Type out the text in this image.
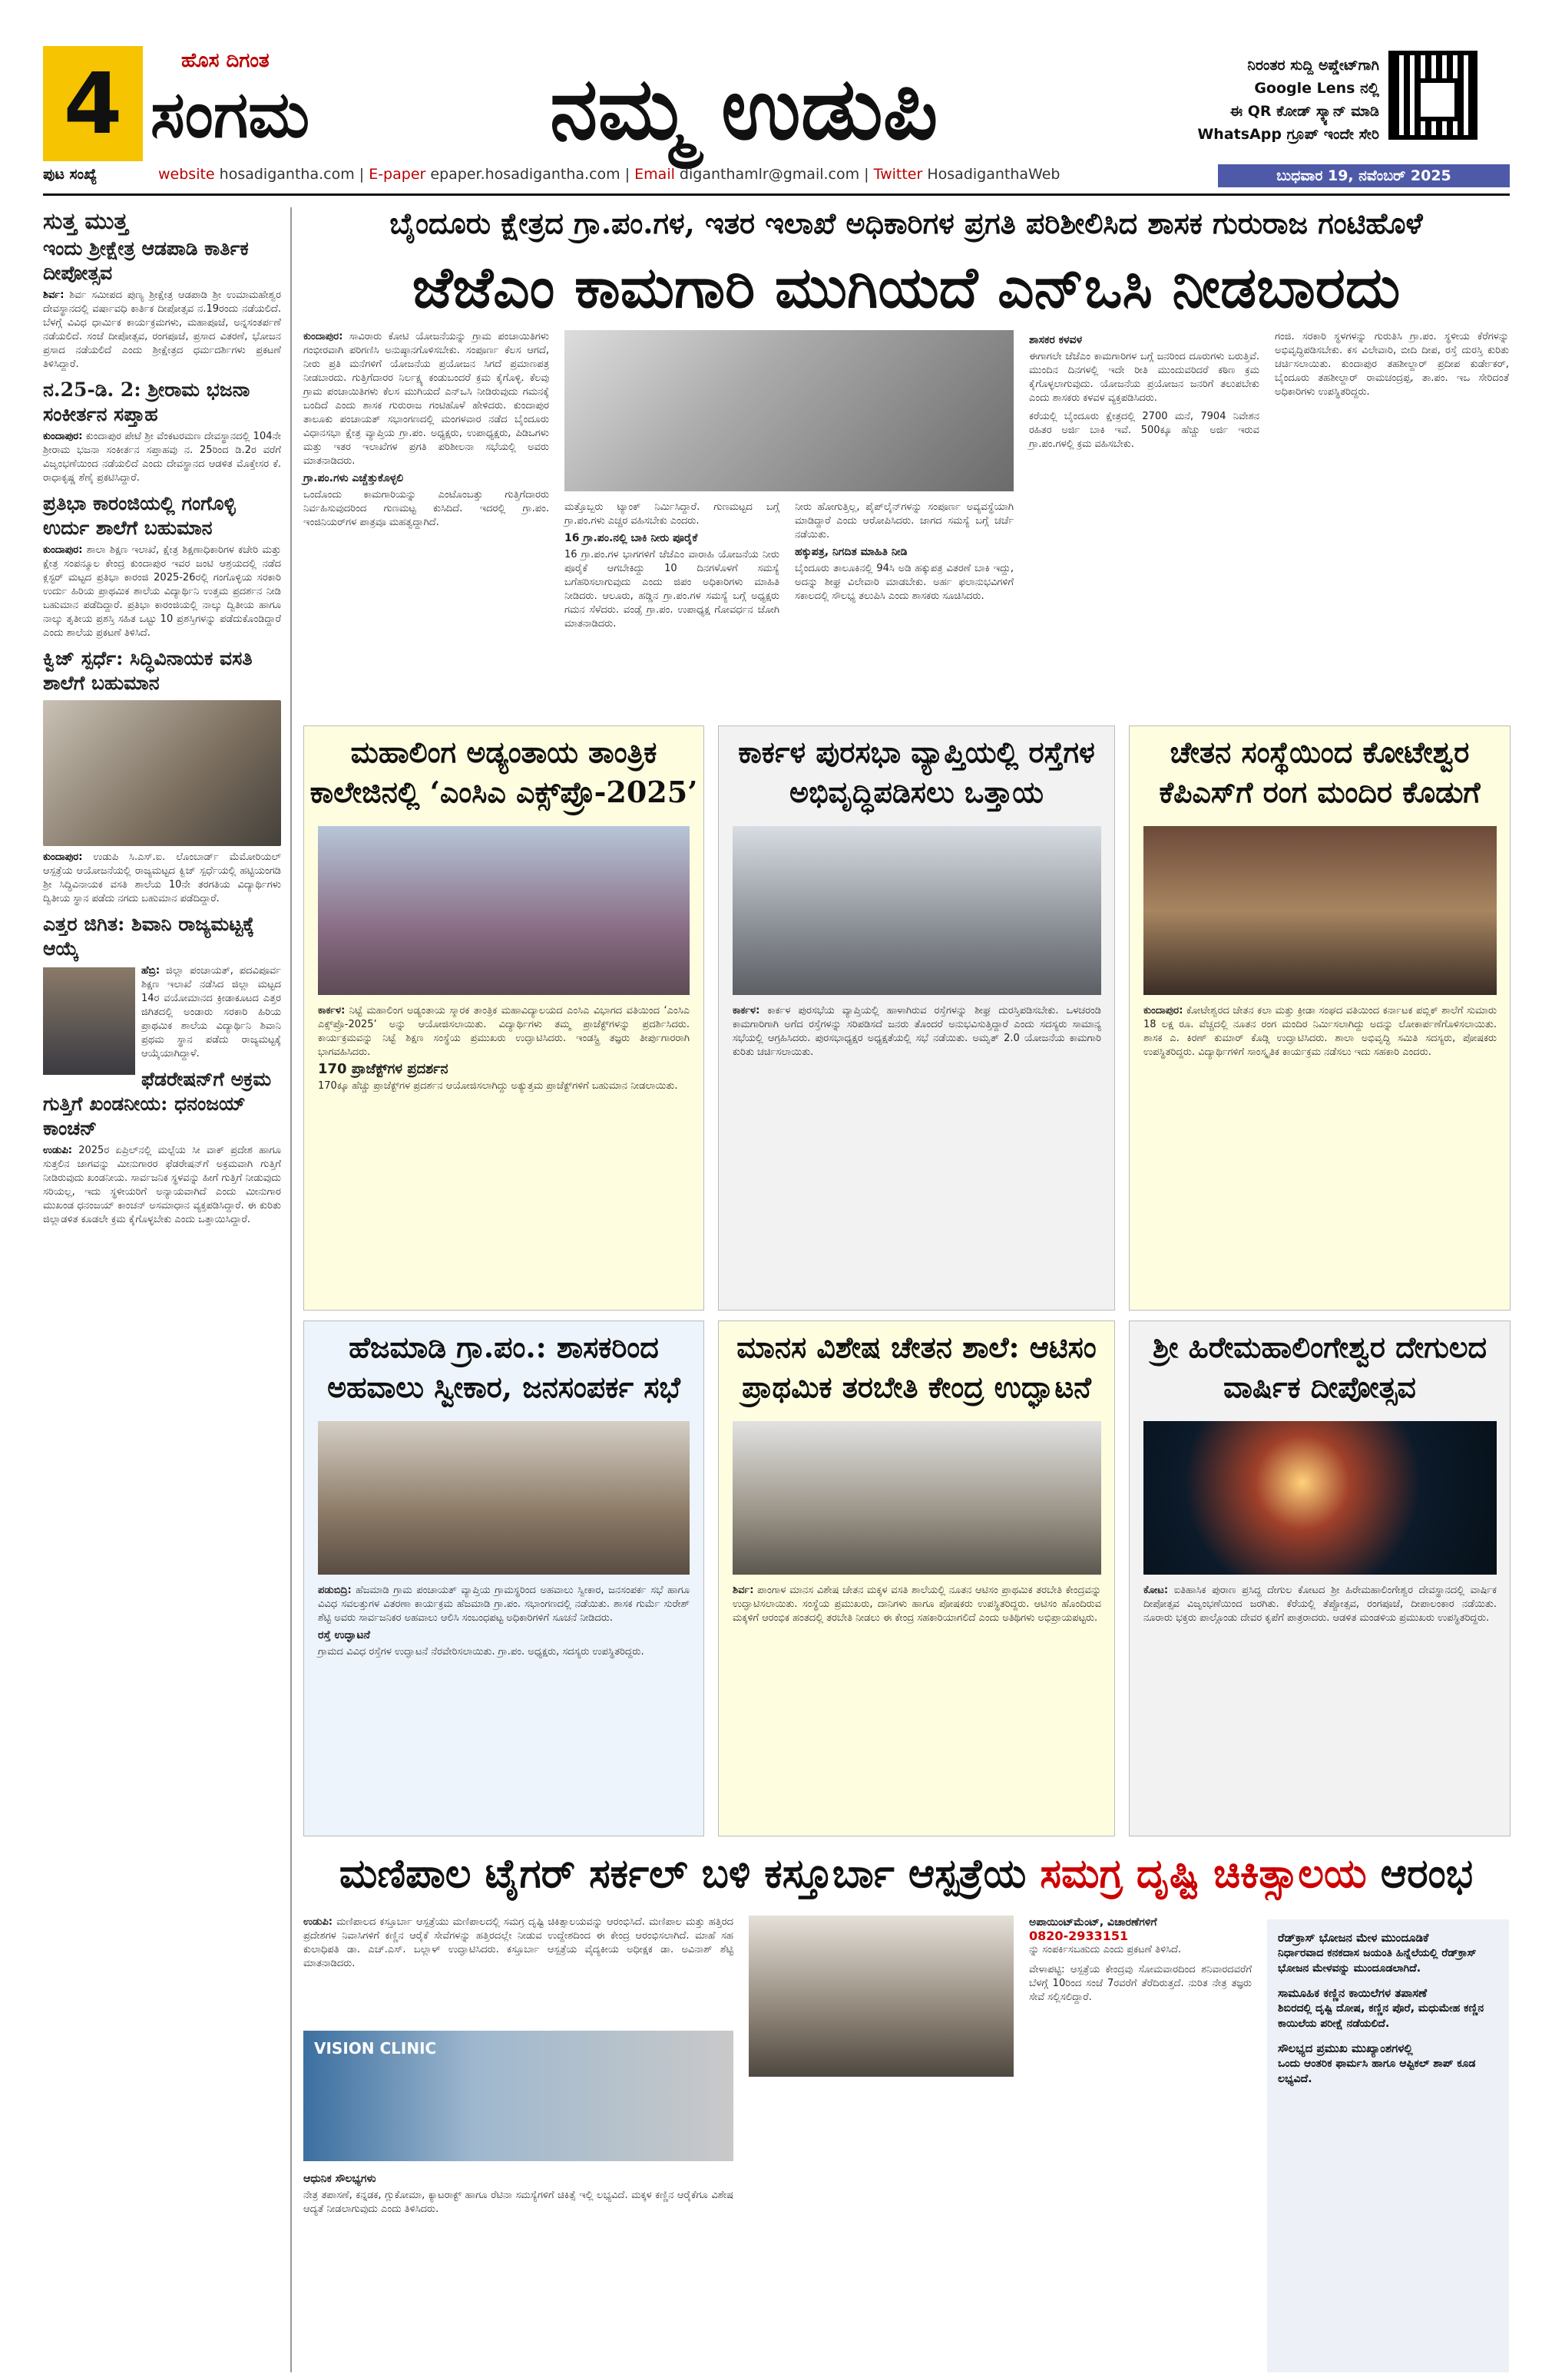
4	ಹೊಸ ದಿಗಂತ
ಸಂಗಮ	ನಮ್ಮ ಉಡುಪಿ	ನಿರಂತರ ಸುದ್ದಿ ಅಪ್ಡೇಟ್‌ಗಾಗಿ
Google Lens ನಲ್ಲಿ
ಈ QR ಕೋಡ್ ಸ್ಕ್ಯಾನ್ ಮಾಡಿ
WhatsApp ಗ್ರೂಪ್ ಇಂದೇ ಸೇರಿ
ಪುಟ ಸಂಖ್ಯೆ	website hosadigantha.com | E-paper epaper.hosadigantha.com | Email diganthamlr@gmail.com | Twitter HosadiganthaWeb	ಬುಧವಾರ 19, ನವೆಂಬರ್ 2025
ಸುತ್ತ ಮುತ್ತ
ಇಂದು ಶ್ರೀಕ್ಷೇತ್ರ ಆಡಪಾಡಿ ಕಾರ್ತಿಕ ದೀಪೋತ್ಸವ

ಶಿರ್ವ: ಶಿರ್ವ ಸಮೀಪದ ಪುಣ್ಯ ಶ್ರೀಕ್ಷೇತ್ರ ಆಡಪಾಡಿ ಶ್ರೀ ಉಮಾಮಹೇಶ್ವರ ದೇವಸ್ಥಾನದಲ್ಲಿ ವರ್ಷಾವಧಿ ಕಾರ್ತಿಕ ದೀಪೋತ್ಸವ ನ.19ರಂದು ನಡೆಯಲಿದೆ. ಬೆಳಗ್ಗೆ ವಿವಿಧ ಧಾರ್ಮಿಕ ಕಾರ್ಯಕ್ರಮಗಳು, ಮಹಾಪೂಜೆ, ಅನ್ನಸಂತರ್ಪಣೆ ನಡೆಯಲಿದೆ. ಸಂಜೆ ದೀಪೋತ್ಸವ, ರಂಗಪೂಜೆ, ಪ್ರಸಾದ ವಿತರಣೆ, ಭೋಜನ ಪ್ರಸಾದ ನಡೆಯಲಿದೆ ಎಂದು ಶ್ರೀಕ್ಷೇತ್ರದ ಧರ್ಮದರ್ಶಿಗಳು ಪ್ರಕಟಣೆ ತಿಳಿಸಿದ್ದಾರೆ.

ನ.25-ಡಿ. 2: ಶ್ರೀರಾಮ ಭಜನಾ ಸಂಕೀರ್ತನ ಸಪ್ತಾಹ

ಕುಂದಾಪುರ: ಕುಂದಾಪುರ ಪೇಟೆ ಶ್ರೀ ವೆಂಕಟರಮಣ ದೇವಸ್ಥಾನದಲ್ಲಿ 104ನೇ ಶ್ರೀರಾಮ ಭಜನಾ ಸಂಕೀರ್ತನ ಸಪ್ತಾಹವು ನ. 25ರಿಂದ ಡಿ.2ರ ವರೆಗೆ ವಿಜೃಂಭಣೆಯಿಂದ ನಡೆಯಲಿದೆ ಎಂದು ದೇವಸ್ಥಾನದ ಆಡಳಿತ ಮೊಕ್ತೇಸರ ಕೆ. ರಾಧಾಕೃಷ್ಣ ಶೆಣೈ ಪ್ರಕಟಿಸಿದ್ದಾರೆ.

ಪ್ರತಿಭಾ ಕಾರಂಜಿಯಲ್ಲಿ ಗಂಗೊಳ್ಳಿ ಉರ್ದು ಶಾಲೆಗೆ ಬಹುಮಾನ

ಕುಂದಾಪುರ: ಶಾಲಾ ಶಿಕ್ಷಣ ಇಲಾಖೆ, ಕ್ಷೇತ್ರ ಶಿಕ್ಷಣಾಧಿಕಾರಿಗಳ ಕಚೇರಿ ಮತ್ತು ಕ್ಷೇತ್ರ ಸಂಪನ್ಮೂಲ ಕೇಂದ್ರ ಕುಂದಾಪುರ ಇವರ ಜಂಟಿ ಆಶ್ರಯದಲ್ಲಿ ನಡೆದ ಕ್ಲಸ್ಟರ್ ಮಟ್ಟದ ಪ್ರತಿಭಾ ಕಾರಂಜಿ 2025-26ರಲ್ಲಿ ಗಂಗೊಳ್ಳಿಯ ಸರಕಾರಿ ಉರ್ದು ಹಿರಿಯ ಪ್ರಾಥಮಿಕ ಶಾಲೆಯ ವಿದ್ಯಾರ್ಥಿನಿ ಉತ್ತಮ ಪ್ರದರ್ಶನ ನೀಡಿ ಬಹುಮಾನ ಪಡೆದಿದ್ದಾರೆ. ಪ್ರತಿಭಾ ಕಾರಂಜಿಯಲ್ಲಿ ನಾಲ್ಕು ದ್ವಿತೀಯ ಹಾಗೂ ನಾಲ್ಕು ತೃತೀಯ ಪ್ರಶಸ್ತಿ ಸಹಿತ ಒಟ್ಟು 10 ಪ್ರಶಸ್ತಿಗಳನ್ನು ಪಡೆದುಕೊಂಡಿದ್ದಾರೆ ಎಂದು ಶಾಲೆಯ ಪ್ರಕಟಣೆ ತಿಳಿಸಿದೆ.

ಕ್ವಿಜ್ ಸ್ಪರ್ಧೆ: ಸಿದ್ಧಿವಿನಾಯಕ ವಸತಿ ಶಾಲೆಗೆ ಬಹುಮಾನ

ಕುಂದಾಪುರ: ಉಡುಪಿ ಸಿ.ಎಸ್.ಐ. ಲೊಂಬಾರ್ಡ್ ಮೆಮೋರಿಯಲ್ ಆಸ್ಪತ್ರೆಯ ಆಯೋಜನೆಯಲ್ಲಿ ರಾಜ್ಯಮಟ್ಟದ ಕ್ವಿಜ್ ಸ್ಪರ್ಧೆಯಲ್ಲಿ ಹಟ್ಟಿಯಂಗಡಿ ಶ್ರೀ ಸಿದ್ಧಿವಿನಾಯಕ ವಸತಿ ಶಾಲೆಯ 10ನೇ ತರಗತಿಯ ವಿದ್ಯಾರ್ಥಿಗಳು ದ್ವಿತೀಯ ಸ್ಥಾನ ಪಡೆದು ನಗದು ಬಹುಮಾನ ಪಡೆದಿದ್ದಾರೆ.

ಎತ್ತರ ಜಿಗಿತ: ಶಿವಾನಿ ರಾಜ್ಯಮಟ್ಟಕ್ಕೆ ಆಯ್ಕೆ

ಹೆಬ್ರಿ: ಜಿಲ್ಲಾ ಪಂಚಾಯತ್, ಪದವಿಪೂರ್ವ ಶಿಕ್ಷಣ ಇಲಾಖೆ ನಡೆಸಿದ ಜಿಲ್ಲಾ ಮಟ್ಟದ 14ರ ವಯೋಮಾನದ ಕ್ರೀಡಾಕೂಟದ ಎತ್ತರ ಜಿಗಿತದಲ್ಲಿ ಅಂಡಾರು ಸರಕಾರಿ ಹಿರಿಯ ಪ್ರಾಥಮಿಕ ಶಾಲೆಯ ವಿದ್ಯಾರ್ಥಿನಿ ಶಿವಾನಿ ಪ್ರಥಮ ಸ್ಥಾನ ಪಡೆದು ರಾಜ್ಯಮಟ್ಟಕ್ಕೆ ಆಯ್ಕೆಯಾಗಿದ್ದಾಳೆ.

ಫೆಡರೇಷನ್‌ಗೆ ಅಕ್ರಮ ಗುತ್ತಿಗೆ ಖಂಡನೀಯ: ಧನಂಜಯ್ ಕಾಂಚನ್

ಉಡುಪಿ: 2025ರ ಏಪ್ರಿಲ್‌ನಲ್ಲಿ ಮಲ್ಪೆಯ ಸೀ ವಾಕ್ ಪ್ರದೇಶ ಹಾಗೂ ಸುತ್ತಲಿನ ಜಾಗವನ್ನು ಮೀನುಗಾರರ ಫೆಡರೇಷನ್‌ಗೆ ಅಕ್ರಮವಾಗಿ ಗುತ್ತಿಗೆ ನೀಡಿರುವುದು ಖಂಡನೀಯ. ಸಾರ್ವಜನಿಕ ಸ್ಥಳವನ್ನು ಹೀಗೆ ಗುತ್ತಿಗೆ ನೀಡುವುದು ಸರಿಯಲ್ಲ, ಇದು ಸ್ಥಳೀಯರಿಗೆ ಅನ್ಯಾಯವಾಗಿದೆ ಎಂದು ಮೀನುಗಾರ ಮುಖಂಡ ಧನಂಜಯ್ ಕಾಂಚನ್ ಅಸಮಾಧಾನ ವ್ಯಕ್ತಪಡಿಸಿದ್ದಾರೆ. ಈ ಕುರಿತು ಜಿಲ್ಲಾಡಳಿತ ಕೂಡಲೇ ಕ್ರಮ ಕೈಗೊಳ್ಳಬೇಕು ಎಂದು ಒತ್ತಾಯಿಸಿದ್ದಾರೆ.

ಬೈಂದೂರು ಕ್ಷೇತ್ರದ ಗ್ರಾ.ಪಂ.ಗಳ, ಇತರ ಇಲಾಖೆ ಅಧಿಕಾರಿಗಳ ಪ್ರಗತಿ ಪರಿಶೀಲಿಸಿದ ಶಾಸಕ ಗುರುರಾಜ ಗಂಟಿಹೊಳೆ
ಜೆಜೆಎಂ ಕಾಮಗಾರಿ ಮುಗಿಯದೆ ಎನ್‌ಒಸಿ ನೀಡಬಾರದು
ಕುಂದಾಪುರ: ಸಾವಿರಾರು ಕೋಟಿ ಯೋಜನೆಯನ್ನು ಗ್ರಾಮ ಪಂಚಾಯಿತಿಗಳು ಗಂಭೀರವಾಗಿ ಪರಿಗಣಿಸಿ ಅನುಷ್ಠಾನಗೊಳಿಸಬೇಕು. ಸಂಪೂರ್ಣ ಕೆಲಸ ಆಗದೆ, ನೀರು ಪ್ರತಿ ಮನೆಗಳಿಗೆ ಯೋಜನೆಯ ಪ್ರಯೋಜನ ಸಿಗದೆ ಪ್ರಮಾಣಪತ್ರ ನೀಡಬಾರದು. ಗುತ್ತಿಗೆದಾರರ ನಿರ್ಲಕ್ಷ್ಯ ಕಂಡುಬಂದರೆ ಕ್ರಮ ಕೈಗೊಳ್ಳಿ. ಕೆಲವು ಗ್ರಾಮ ಪಂಚಾಯಿತಿಗಳು ಕೆಲಸ ಮುಗಿಯದೆ ಎನ್‌ಒಸಿ ನೀಡಿರುವುದು ಗಮನಕ್ಕೆ ಬಂದಿದೆ ಎಂದು ಶಾಸಕ ಗುರುರಾಜ ಗಂಟಿಹೊಳೆ ಹೇಳಿದರು. ಕುಂದಾಪುರ ತಾಲೂಕು ಪಂಚಾಯತ್ ಸಭಾಂಗಣದಲ್ಲಿ ಮಂಗಳವಾರ ನಡೆದ ಬೈಂದೂರು ವಿಧಾನಸಭಾ ಕ್ಷೇತ್ರ ವ್ಯಾಪ್ತಿಯ ಗ್ರಾ.ಪಂ. ಅಧ್ಯಕ್ಷರು, ಉಪಾಧ್ಯಕ್ಷರು, ಪಿಡಿಒಗಳು ಮತ್ತು ಇತರ ಇಲಾಖೆಗಳ ಪ್ರಗತಿ ಪರಿಶೀಲನಾ ಸಭೆಯಲ್ಲಿ ಅವರು ಮಾತನಾಡಿದರು.
ಗ್ರಾ.ಪಂ.ಗಳು ಎಚ್ಚೆತ್ತುಕೊಳ್ಳಲಿ
ಒಂದೊಂದು ಕಾಮಗಾರಿಯನ್ನು ಎಂಟೊಂಬತ್ತು ಗುತ್ತಿಗೆದಾರರು ನಿರ್ವಹಿಸುವುದರಿಂದ ಗುಣಮಟ್ಟ ಕುಸಿದಿದೆ. ಇದರಲ್ಲಿ ಗ್ರಾ.ಪಂ. ಇಂಜಿನಿಯರ್‌ಗಳ ಪಾತ್ರವೂ ಮಹತ್ವದ್ದಾಗಿದೆ.
ಮತ್ತೊಬ್ಬರು ಟ್ಯಾಂಕ್ ನಿರ್ಮಿಸಿದ್ದಾರೆ. ಗುಣಮಟ್ಟದ ಬಗ್ಗೆ ಗ್ರಾ.ಪಂ.ಗಳು ಎಚ್ಚರ ವಹಿಸಬೇಕು ಎಂದರು.
16 ಗ್ರಾ.ಪಂ.ನಲ್ಲಿ ಬಾಕಿ ನೀರು ಪೂರೈಕೆ
16 ಗ್ರಾ.ಪಂ.ಗಳ ಭಾಗಗಳಿಗೆ ಜೆಜೆಎಂ ವಾರಾಹಿ ಯೋಜನೆಯ ನೀರು ಪೂರೈಕೆ ಆಗಬೇಕಿದ್ದು 10 ದಿನಗಳೊಳಗೆ ಸಮಸ್ಯೆ ಬಗೆಹರಿಸಲಾಗುವುದು ಎಂದು ಜಿಪಂ ಅಧಿಕಾರಿಗಳು ಮಾಹಿತಿ ನೀಡಿದರು. ಆಲೂರು, ಹಡ್ಡಿನ ಗ್ರಾ.ಪಂ.ಗಳ ಸಮಸ್ಯೆ ಬಗ್ಗೆ ಅಧ್ಯಕ್ಷರು ಗಮನ ಸೆಳೆದರು. ವಂಡ್ಸೆ ಗ್ರಾ.ಪಂ. ಉಪಾಧ್ಯಕ್ಷ ಗೋವರ್ಧನ ಜೋಗಿ ಮಾತನಾಡಿದರು.
ನೀರು ಹೋಗುತ್ತಿಲ್ಲ, ಪೈಪ್‌ಲೈನ್‌ಗಳನ್ನು ಸಂಪೂರ್ಣ ಅವ್ಯವಸ್ಥೆಯಾಗಿ ಮಾಡಿದ್ದಾರೆ ಎಂದು ಆರೋಪಿಸಿದರು. ಜಾಗದ ಸಮಸ್ಯೆ ಬಗ್ಗೆ ಚರ್ಚೆ ನಡೆಯಿತು.
ಹಕ್ಕುಪತ್ರ, ನಿಗದಿತ ಮಾಹಿತಿ ನೀಡಿ
ಬೈಂದೂರು ತಾಲೂಕಿನಲ್ಲಿ 94ಸಿ ಅಡಿ ಹಕ್ಕುಪತ್ರ ವಿತರಣೆ ಬಾಕಿ ಇದ್ದು, ಅದನ್ನು ಶೀಘ್ರ ವಿಲೇವಾರಿ ಮಾಡಬೇಕು. ಅರ್ಹ ಫಲಾನುಭವಿಗಳಿಗೆ ಸಕಾಲದಲ್ಲಿ ಸೌಲಭ್ಯ ತಲುಪಿಸಿ ಎಂದು ಶಾಸಕರು ಸೂಚಿಸಿದರು.
ಶಾಸಕರ ಕಳವಳ
ಈಗಾಗಲೇ ಜೆಜೆಎಂ ಕಾಮಗಾರಿಗಳ ಬಗ್ಗೆ ಜನರಿಂದ ದೂರುಗಳು ಬರುತ್ತಿವೆ. ಮುಂದಿನ ದಿನಗಳಲ್ಲಿ ಇದೇ ರೀತಿ ಮುಂದುವರಿದರೆ ಕಠಿಣ ಕ್ರಮ ಕೈಗೊಳ್ಳಲಾಗುವುದು. ಯೋಜನೆಯ ಪ್ರಯೋಜನ ಜನರಿಗೆ ತಲುಪಬೇಕು ಎಂದು ಶಾಸಕರು ಕಳವಳ ವ್ಯಕ್ತಪಡಿಸಿದರು.

ಕರೆಯಲ್ಲಿ ಬೈಂದೂರು ಕ್ಷೇತ್ರದಲ್ಲಿ 2700 ಮನೆ, 7904 ನಿವೇಶನ ರಹಿತರ ಅರ್ಜಿ ಬಾಕಿ ಇವೆ. 500ಕ್ಕೂ ಹೆಚ್ಚು ಅರ್ಜಿ ಇರುವ ಗ್ರಾ.ಪಂ.ಗಳಲ್ಲಿ ಕ್ರಮ ವಹಿಸಬೇಕು.

ಗಂಜಿ. ಸರಕಾರಿ ಸ್ಥಳಗಳನ್ನು ಗುರುತಿಸಿ ಗ್ರಾ.ಪಂ. ಸ್ಥಳೀಯ ಕೆರೆಗಳನ್ನು ಅಭಿವೃದ್ಧಿಪಡಿಸಬೇಕು. ಕಸ ವಿಲೇವಾರಿ, ಬೀದಿ ದೀಪ, ರಸ್ತೆ ದುರಸ್ತಿ ಕುರಿತು ಚರ್ಚಿಸಲಾಯಿತು. ಕುಂದಾಪುರ ತಹಶೀಲ್ದಾರ್ ಪ್ರದೀಪ ಕುರ್ಡೇಕರ್, ಬೈಂದೂರು ತಹಶೀಲ್ದಾರ್ ರಾಮಚಂದ್ರಪ್ಪ, ತಾ.ಪಂ. ಇಒ ಸೇರಿದಂತೆ ಅಧಿಕಾರಿಗಳು ಉಪಸ್ಥಿತರಿದ್ದರು.
ಮಹಾಲಿಂಗ ಅಡ್ಯಂತಾಯ ತಾಂತ್ರಿಕ ಕಾಲೇಜಿನಲ್ಲಿ ‘ಎಂಸಿಎ ಎಕ್ಸ್‌ಪ್ರೊ-2025’
ಕಾರ್ಕಳ: ನಿಟ್ಟೆ ಮಹಾಲಿಂಗ ಅಡ್ಯಂತಾಯ ಸ್ಮಾರಕ ತಾಂತ್ರಿಕ ಮಹಾವಿದ್ಯಾಲಯದ ಎಂಸಿಎ ವಿಭಾಗದ ವತಿಯಿಂದ ‘ಎಂಸಿಎ ಎಕ್ಸ್‌ಪ್ರೊ-2025’ ಅನ್ನು ಆಯೋಜಿಸಲಾಯಿತು. ವಿದ್ಯಾರ್ಥಿಗಳು ತಮ್ಮ ಪ್ರಾಜೆಕ್ಟ್‌ಗಳನ್ನು ಪ್ರದರ್ಶಿಸಿದರು. ಕಾರ್ಯಕ್ರಮವನ್ನು ನಿಟ್ಟೆ ಶಿಕ್ಷಣ ಸಂಸ್ಥೆಯ ಪ್ರಮುಖರು ಉದ್ಘಾಟಿಸಿದರು. ಇಂಡಸ್ಟ್ರಿ ತಜ್ಞರು ತೀರ್ಪುಗಾರರಾಗಿ ಭಾಗವಹಿಸಿದರು.
170 ಪ್ರಾಜೆಕ್ಟ್‌ಗಳ ಪ್ರದರ್ಶನ
170ಕ್ಕೂ ಹೆಚ್ಚು ಪ್ರಾಜೆಕ್ಟ್‌ಗಳ ಪ್ರದರ್ಶನ ಆಯೋಜಿಸಲಾಗಿದ್ದು ಅತ್ಯುತ್ತಮ ಪ್ರಾಜೆಕ್ಟ್‌ಗಳಿಗೆ ಬಹುಮಾನ ನೀಡಲಾಯಿತು.
ಕಾರ್ಕಳ ಪುರಸಭಾ ವ್ಯಾಪ್ತಿಯಲ್ಲಿ ರಸ್ತೆಗಳ ಅಭಿವೃದ್ಧಿಪಡಿಸಲು ಒತ್ತಾಯ
ಕಾರ್ಕಳ: ಕಾರ್ಕಳ ಪುರಸಭೆಯ ವ್ಯಾಪ್ತಿಯಲ್ಲಿ ಹಾಳಾಗಿರುವ ರಸ್ತೆಗಳನ್ನು ಶೀಘ್ರ ದುರಸ್ತಿಪಡಿಸಬೇಕು. ಒಳಚರಂಡಿ ಕಾಮಗಾರಿಗಾಗಿ ಅಗೆದ ರಸ್ತೆಗಳನ್ನು ಸರಿಪಡಿಸದೆ ಜನರು ತೊಂದರೆ ಅನುಭವಿಸುತ್ತಿದ್ದಾರೆ ಎಂದು ಸದಸ್ಯರು ಸಾಮಾನ್ಯ ಸಭೆಯಲ್ಲಿ ಆಗ್ರಹಿಸಿದರು. ಪುರಸಭಾಧ್ಯಕ್ಷರ ಅಧ್ಯಕ್ಷತೆಯಲ್ಲಿ ಸಭೆ ನಡೆಯಿತು. ಅಮೃತ್ 2.0 ಯೋಜನೆಯ ಕಾಮಗಾರಿ ಕುರಿತು ಚರ್ಚಿಸಲಾಯಿತು.
ಚೇತನ ಸಂಸ್ಥೆಯಿಂದ ಕೋಟೇಶ್ವರ ಕೆಪಿಎಸ್‌ಗೆ ರಂಗ ಮಂದಿರ ಕೊಡುಗೆ
ಕುಂದಾಪುರ: ಕೋಟೇಶ್ವರದ ಚೇತನ ಕಲಾ ಮತ್ತು ಕ್ರೀಡಾ ಸಂಘದ ವತಿಯಿಂದ ಕರ್ನಾಟಕ ಪಬ್ಲಿಕ್ ಶಾಲೆಗೆ ಸುಮಾರು 18 ಲಕ್ಷ ರೂ. ವೆಚ್ಚದಲ್ಲಿ ನೂತನ ರಂಗ ಮಂದಿರ ನಿರ್ಮಿಸಲಾಗಿದ್ದು ಅದನ್ನು ಲೋಕಾರ್ಪಣೆಗೊಳಿಸಲಾಯಿತು. ಶಾಸಕ ಎ. ಕಿರಣ್ ಕುಮಾರ್ ಕೊಡ್ಗಿ ಉದ್ಘಾಟಿಸಿದರು. ಶಾಲಾ ಅಭಿವೃದ್ಧಿ ಸಮಿತಿ ಸದಸ್ಯರು, ಪೋಷಕರು ಉಪಸ್ಥಿತರಿದ್ದರು. ವಿದ್ಯಾರ್ಥಿಗಳಿಗೆ ಸಾಂಸ್ಕೃತಿಕ ಕಾರ್ಯಕ್ರಮ ನಡೆಸಲು ಇದು ಸಹಕಾರಿ ಎಂದರು.
ಹೆಜಮಾಡಿ ಗ್ರಾ.ಪಂ.: ಶಾಸಕರಿಂದ ಅಹವಾಲು ಸ್ವೀಕಾರ, ಜನಸಂಪರ್ಕ ಸಭೆ
ಪಡುಬಿದ್ರಿ: ಹೆಜಮಾಡಿ ಗ್ರಾಮ ಪಂಚಾಯತ್ ವ್ಯಾಪ್ತಿಯ ಗ್ರಾಮಸ್ಥರಿಂದ ಅಹವಾಲು ಸ್ವೀಕಾರ, ಜನಸಂಪರ್ಕ ಸಭೆ ಹಾಗೂ ವಿವಿಧ ಸವಲತ್ತುಗಳ ವಿತರಣಾ ಕಾರ್ಯಕ್ರಮ ಹೆಜಮಾಡಿ ಗ್ರಾ.ಪಂ. ಸಭಾಂಗಣದಲ್ಲಿ ನಡೆಯಿತು. ಶಾಸಕ ಗುರ್ಮೆ ಸುರೇಶ್ ಶೆಟ್ಟಿ ಅವರು ಸಾರ್ವಜನಿಕರ ಅಹವಾಲು ಆಲಿಸಿ ಸಂಬಂಧಪಟ್ಟ ಅಧಿಕಾರಿಗಳಿಗೆ ಸೂಚನೆ ನೀಡಿದರು.
ರಸ್ತೆ ಉದ್ಘಾಟನೆ
ಗ್ರಾಮದ ವಿವಿಧ ರಸ್ತೆಗಳ ಉದ್ಘಾಟನೆ ನೆರವೇರಿಸಲಾಯಿತು. ಗ್ರಾ.ಪಂ. ಅಧ್ಯಕ್ಷರು, ಸದಸ್ಯರು ಉಪಸ್ಥಿತರಿದ್ದರು.
ಮಾನಸ ವಿಶೇಷ ಚೇತನ ಶಾಲೆ: ಆಟಿಸಂ ಪ್ರಾಥಮಿಕ ತರಬೇತಿ ಕೇಂದ್ರ ಉದ್ಘಾಟನೆ
ಶಿರ್ವ: ಪಾಂಗಾಳ ಮಾನಸ ವಿಶೇಷ ಚೇತನ ಮಕ್ಕಳ ವಸತಿ ಶಾಲೆಯಲ್ಲಿ ನೂತನ ಆಟಿಸಂ ಪ್ರಾಥಮಿಕ ತರಬೇತಿ ಕೇಂದ್ರವನ್ನು ಉದ್ಘಾಟಿಸಲಾಯಿತು. ಸಂಸ್ಥೆಯ ಪ್ರಮುಖರು, ದಾನಿಗಳು ಹಾಗೂ ಪೋಷಕರು ಉಪಸ್ಥಿತರಿದ್ದರು. ಆಟಿಸಂ ಹೊಂದಿರುವ ಮಕ್ಕಳಿಗೆ ಆರಂಭಿಕ ಹಂತದಲ್ಲಿ ತರಬೇತಿ ನೀಡಲು ಈ ಕೇಂದ್ರ ಸಹಕಾರಿಯಾಗಲಿದೆ ಎಂದು ಅತಿಥಿಗಳು ಅಭಿಪ್ರಾಯಪಟ್ಟರು.
ಶ್ರೀ ಹಿರೇಮಹಾಲಿಂಗೇಶ್ವರ ದೇಗುಲದ ವಾರ್ಷಿಕ ದೀಪೋತ್ಸವ
ಕೋಟ: ಐತಿಹಾಸಿಕ ಪುರಾಣ ಪ್ರಸಿದ್ಧ ದೇಗುಲ ಕೋಟದ ಶ್ರೀ ಹಿರೇಮಹಾಲಿಂಗೇಶ್ವರ ದೇವಸ್ಥಾನದಲ್ಲಿ ವಾರ್ಷಿಕ ದೀಪೋತ್ಸವ ವಿಜೃಂಭಣೆಯಿಂದ ಜರಗಿತು. ಕೆರೆಯಲ್ಲಿ ತೆಪ್ಪೋತ್ಸವ, ರಂಗಪೂಜೆ, ದೀಪಾಲಂಕಾರ ನಡೆಯಿತು. ನೂರಾರು ಭಕ್ತರು ಪಾಲ್ಗೊಂಡು ದೇವರ ಕೃಪೆಗೆ ಪಾತ್ರರಾದರು. ಆಡಳಿತ ಮಂಡಳಿಯ ಪ್ರಮುಖರು ಉಪಸ್ಥಿತರಿದ್ದರು.
ಮಣಿಪಾಲ ಟೈಗರ್ ಸರ್ಕಲ್ ಬಳಿ ಕಸ್ತೂರ್ಬಾ ಆಸ್ಪತ್ರೆಯ ಸಮಗ್ರ ದೃಷ್ಟಿ ಚಿಕಿತ್ಸಾಲಯ ಆರಂಭ
ಉಡುಪಿ: ಮಣಿಪಾಲದ ಕಸ್ತೂರ್ಬಾ ಆಸ್ಪತ್ರೆಯು ಮಣಿಪಾಲದಲ್ಲಿ ಸಮಗ್ರ ದೃಷ್ಟಿ ಚಿಕಿತ್ಸಾಲಯವನ್ನು ಆರಂಭಿಸಿದೆ. ಮಣಿಪಾಲ ಮತ್ತು ಹತ್ತಿರದ ಪ್ರದೇಶಗಳ ನಿವಾಸಿಗಳಿಗೆ ಕಣ್ಣಿನ ಆರೈಕೆ ಸೇವೆಗಳನ್ನು ಹತ್ತಿರದಲ್ಲೇ ನೀಡುವ ಉದ್ದೇಶದಿಂದ ಈ ಕೇಂದ್ರ ಆರಂಭಿಸಲಾಗಿದೆ. ಮಾಹೆ ಸಹ ಕುಲಾಧಿಪತಿ ಡಾ. ಎಚ್.ಎಸ್. ಬಲ್ಲಾಳ್ ಉದ್ಘಾಟಿಸಿದರು. ಕಸ್ತೂರ್ಬಾ ಆಸ್ಪತ್ರೆಯ ವೈದ್ಯಕೀಯ ಅಧೀಕ್ಷಕ ಡಾ. ಅವಿನಾಶ್ ಶೆಟ್ಟಿ ಮಾತನಾಡಿದರು.
VISION CLINIC
ಆಧುನಿಕ ಸೌಲಭ್ಯಗಳು
ನೇತ್ರ ತಪಾಸಣೆ, ಕನ್ನಡಕ, ಗ್ಲುಕೋಮಾ, ಕ್ಯಾಟರಾಕ್ಟ್ ಹಾಗೂ ರೆಟಿನಾ ಸಮಸ್ಯೆಗಳಿಗೆ ಚಿಕಿತ್ಸೆ ಇಲ್ಲಿ ಲಭ್ಯವಿದೆ. ಮಕ್ಕಳ ಕಣ್ಣಿನ ಆರೈಕೆಗೂ ವಿಶೇಷ ಆದ್ಯತೆ ನೀಡಲಾಗುವುದು ಎಂದು ತಿಳಿಸಿದರು.
ಅಪಾಯಿಂಟ್‌ಮೆಂಟ್, ವಿಚಾರಣೆಗಳಿಗೆ
0820-2933151
ನ್ನು ಸಂಪರ್ಕಿಸಬಹುದು ಎಂದು ಪ್ರಕಟಣೆ ತಿಳಿಸಿದೆ.

ವೇಳಾಪಟ್ಟಿ: ಆಸ್ಪತ್ರೆಯ ಕೇಂದ್ರವು ಸೋಮವಾರದಿಂದ ಶನಿವಾರದವರೆಗೆ ಬೆಳಗ್ಗೆ 10ರಿಂದ ಸಂಜೆ 7ರವರೆಗೆ ತೆರೆದಿರುತ್ತದೆ. ನುರಿತ ನೇತ್ರ ತಜ್ಞರು ಸೇವೆ ಸಲ್ಲಿಸಲಿದ್ದಾರೆ.

ರೆಡ್‌ಕ್ರಾಸ್ ಭೋಜನ ಮೇಳ ಮುಂದೂಡಿಕೆ
ನಿರ್ಧಾರವಾದ ಕನಕದಾಸ ಜಯಂತಿ ಹಿನ್ನೆಲೆಯಲ್ಲಿ ರೆಡ್‌ಕ್ರಾಸ್ ಭೋಜನ ಮೇಳವನ್ನು ಮುಂದೂಡಲಾಗಿದೆ.
ಸಾಮೂಹಿಕ ಕಣ್ಣಿನ ಕಾಯಿಲೆಗಳ ತಪಾಸಣೆ
ಶಿಬಿರದಲ್ಲಿ ದೃಷ್ಟಿ ದೋಷ, ಕಣ್ಣಿನ ಪೊರೆ, ಮಧುಮೇಹ ಕಣ್ಣಿನ ಕಾಯಿಲೆಯ ಪರೀಕ್ಷೆ ನಡೆಯಲಿದೆ.
ಸೌಲಭ್ಯದ ಪ್ರಮುಖ ಮುಖ್ಯಾಂಶಗಳಲ್ಲಿ
ಒಂದು ಆಂತರಿಕ ಫಾರ್ಮಸಿ ಹಾಗೂ ಆಪ್ಟಿಕಲ್ ಶಾಪ್ ಕೂಡ ಲಭ್ಯವಿದೆ.
